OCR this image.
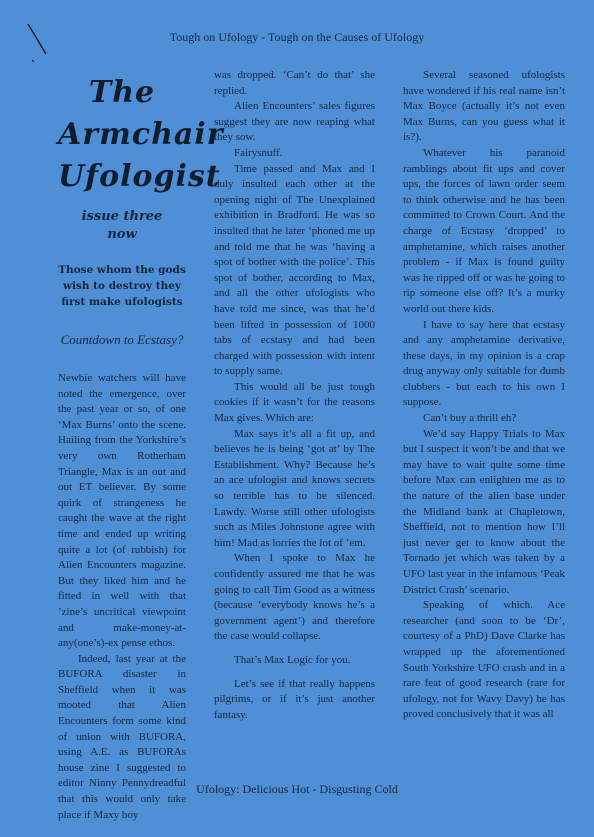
Tough on Ufology - Tough on the Causes of Ufology
The
Armchair
Ufologist
issue three
now
Those whom the gods
wish to destroy they
first make ufologists
Countdown to Ecstasy?

Newbie watchers will have noted the emergence, over the past year or so, of one ‘Max Burns’ onto the scene. Hailing from the Yorkshire’s very own Rotherham Triangle, Max is an out and out ET believer. By some quirk of strangeness he caught the wave at the right time and ended up writing quite a lot (of rubbish) for Alien Encounters magazine. But they liked him and he fitted in well with that ’zine’s uncritical viewpoint and make-money-at-any(one’s)-ex pense ethos.

Indeed, last year at the BUFORA disaster in Sheffield when it was mooted that Alien Encounters form some kind of union with BUFORA, using A.E. as BUFORAs house zine I suggested to editor Ninny Pennydreadful that this would only take place if Maxy boy

was dropped. ‘Can’t do that’ she replied.

Alien Encounters’ sales figures suggest they are now reaping what they sow.

Fairysnuff.

Time passed and Max and I duly insulted each other at the opening night of The Unexplained exhibition in Bradford. He was so insulted that he later ‘phoned me up and told me that he was ‘having a spot of bother with the police’. This spot of bother, according to Max, and all the other ufologists who have told me since, was that he’d been lifted in possession of 1000 tabs of ecstasy and had been charged with possession with intent to supply same.

This would all be just tough cookies if it wasn’t for the reasons Max gives. Which are:

Max says it’s all a fit up, and believes he is being ‘got at’ by The Establishment. Why? Because he’s an ace ufologist and knows secrets so terrible has to be silenced. Lawdy. Worse still other ufologists such as Miles Johnstone agree with him! Mad as lorries the lot of ’em.

When I spoke to Max he confidently assured me that he was going to call Tim Good as a witness (because ‘everybody knows he’s a government agent’) and therefore the case would collapse.

That’s Max Logic for you.

Let’s see if that really happens pilgrims, or if it’s just another fantasy.

Several seasoned ufologists have wondered if his real name isn’t Max Boyce (actually it’s not even Max Burns, can you guess what it is?).

Whatever his paranoid ramblings about fit ups and cover ups, the forces of lawn order seem to think otherwise and he has been committed to Crown Court. And the charge of Ecstasy ‘dropped’ to amphetamine, which raises another problem - if Max is found guilty was he ripped off or was he going to rip someone else off? It’s a murky world out there kids.

I have to say here that ecstasy and any amphetamine derivative, these days, in my opinion is a crap drug anyway only suitable for dumb clubbers - but each to his own I suppose.

Can’t buy a thrill eh?

We’d say Happy Trials to Max but I suspect it won’t be and that we may have to wait quite some time before Max can enlighten me as to the nature of the alien base under the Midland bank at Chapletown, Sheffield, not to mention how I’ll just never get to know about the Tornado jet which was taken by a UFO last year in the infamous ‘Peak District Crash’ scenario.

Speaking of which. Ace researcher (and soon to be ‘Dr’, courtesy of a PhD) Dave Clarke has wrapped up the aforementioned South Yorkshire UFO crash and in a rare feat of good research (rare for ufology, not for Wavy Davy) he has proved conclusively that it was all

Ufology: Delicious Hot - Disgusting Cold
